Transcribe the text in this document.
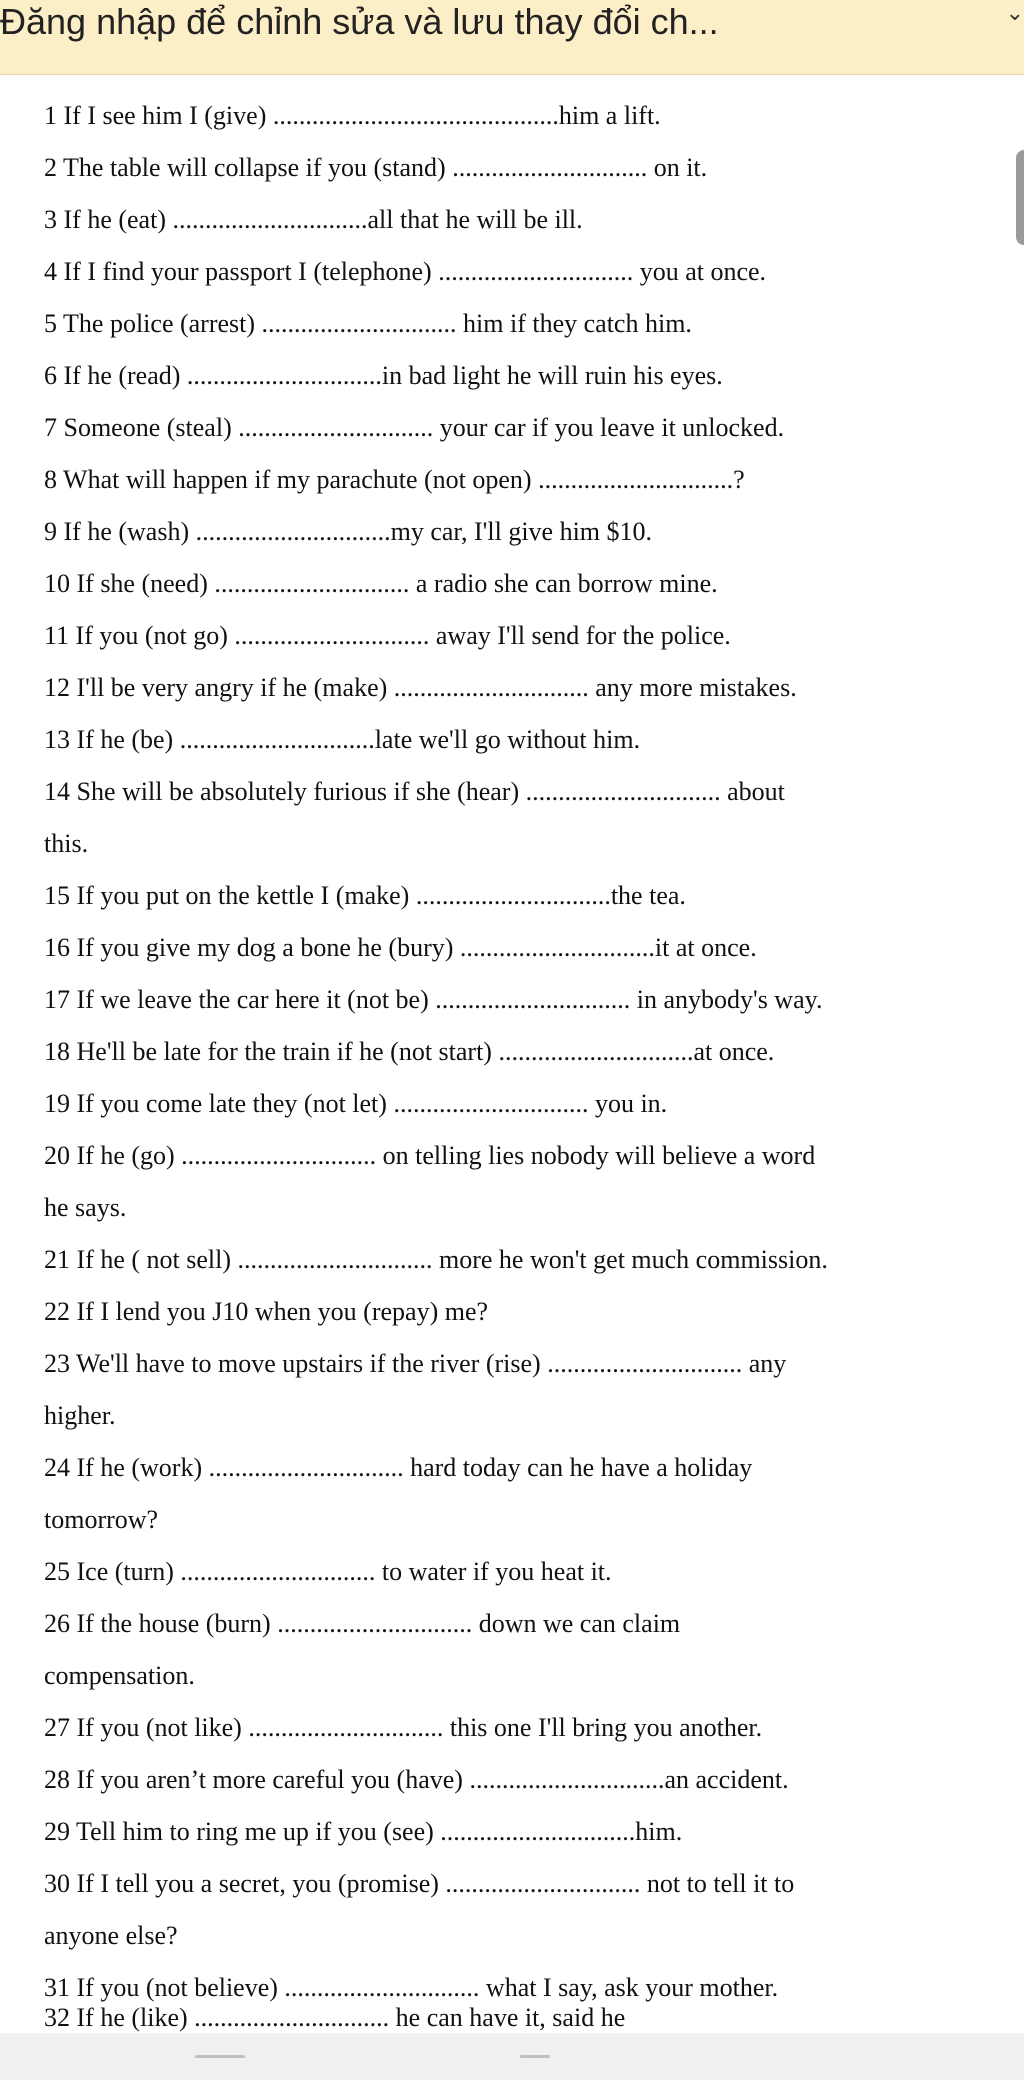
Đăng nhập để chỉnh sửa và lưu thay đổi ch...	⌄
1 If I see him I (give) ............................................him a lift.
2 The table will collapse if you (stand) .............................. on it.
3 If he (eat) ..............................all that he will be ill.
4 If I find your passport I (telephone) .............................. you at once.
5 The police (arrest) .............................. him if they catch him.
6 If he (read) ..............................in bad light he will ruin his eyes.
7 Someone (steal) .............................. your car if you leave it unlocked.
8 What will happen if my parachute (not open) ..............................?
9 If he (wash) ..............................my car, I'll give him $10.
10 If she (need) .............................. a radio she can borrow mine.
11 If you (not go) .............................. away I'll send for the police.
12 I'll be very angry if he (make) .............................. any more mistakes.
13 If he (be) ..............................late we'll go without him.
14 She will be absolutely furious if she (hear) .............................. about
this.
15 If you put on the kettle I (make) ..............................the tea.
16 If you give my dog a bone he (bury) ..............................it at once.
17 If we leave the car here it (not be) .............................. in anybody's way.
18 He'll be late for the train if he (not start) ..............................at once.
19 If you come late they (not let) .............................. you in.
20 If he (go) .............................. on telling lies nobody will believe a word
he says.
21 If he ( not sell) .............................. more he won't get much commission.
22 If I lend you J10 when you (repay) me?
23 We'll have to move upstairs if the river (rise) .............................. any
higher.
24 If he (work) .............................. hard today can he have a holiday
tomorrow?
25 Ice (turn) .............................. to water if you heat it.
26 If the house (burn) .............................. down we can claim
compensation.
27 If you (not like) .............................. this one I'll bring you another.
28 If you aren’t more careful you (have) ..............................an accident.
29 Tell him to ring me up if you (see) ..............................him.
30 If I tell you a secret, you (promise) .............................. not to tell it to
anyone else?
31 If you (not believe) .............................. what I say, ask your mother.
32 If he (like) .............................. he can have it, said he
